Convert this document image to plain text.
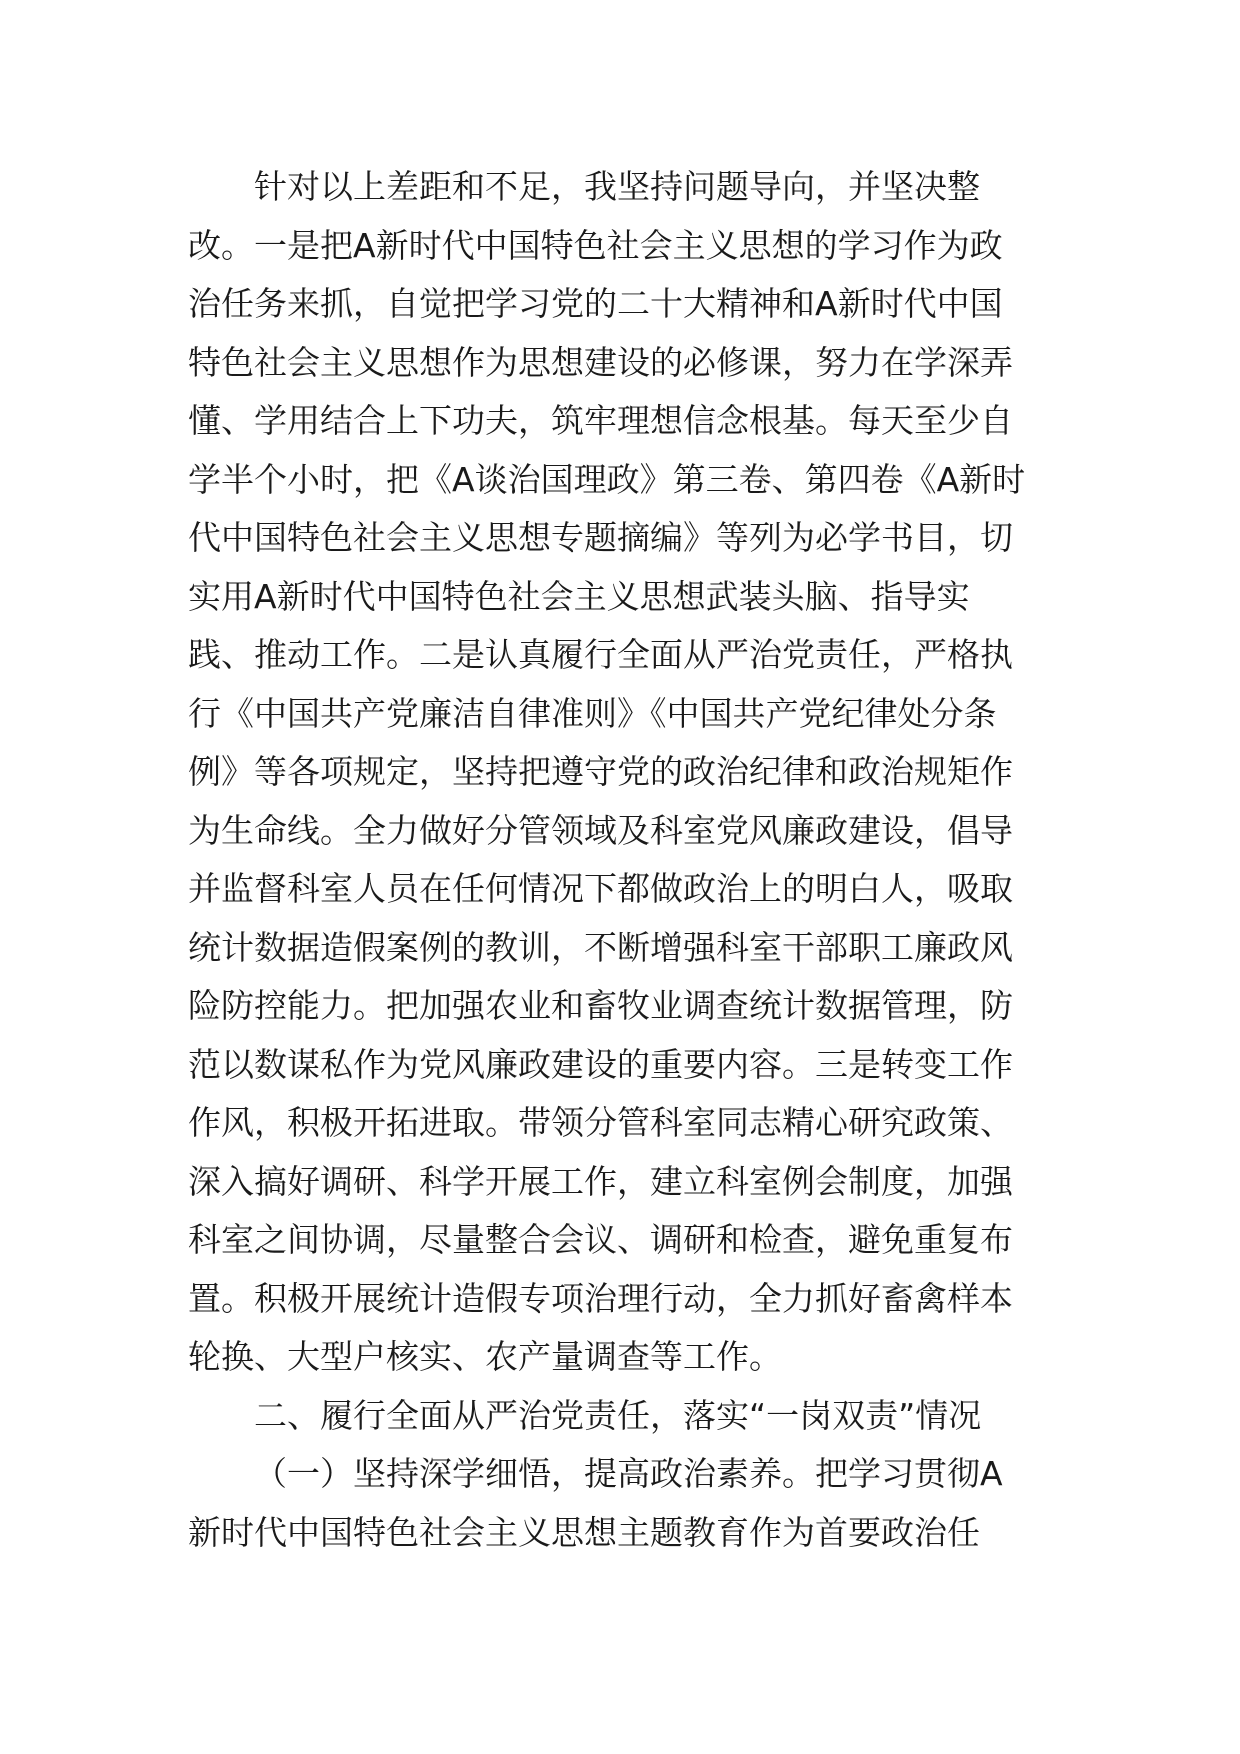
针对以上差距和不足，我坚持问题导向，并坚决整
改。一是把A新时代中国特色社会主义思想的学习作为政
治任务来抓，自觉把学习党的二十大精神和A新时代中国
特色社会主义思想作为思想建设的必修课，努力在学深弄
懂、学用结合上下功夫，筑牢理想信念根基。每天至少自
学半个小时，把《A谈治国理政》第三卷、第四卷《A新时
代中国特色社会主义思想专题摘编》等列为必学书目，切
实用A新时代中国特色社会主义思想武装头脑、指导实
践、推动工作。二是认真履行全面从严治党责任，严格执
行《中国共产党廉洁自律准则》《中国共产党纪律处分条
例》等各项规定，坚持把遵守党的政治纪律和政治规矩作
为生命线。全力做好分管领域及科室党风廉政建设，倡导
并监督科室人员在任何情况下都做政治上的明白人，吸取
统计数据造假案例的教训，不断增强科室干部职工廉政风
险防控能力。把加强农业和畜牧业调查统计数据管理，防
范以数谋私作为党风廉政建设的重要内容。三是转变工作
作风，积极开拓进取。带领分管科室同志精心研究政策、
深入搞好调研、科学开展工作，建立科室例会制度，加强
科室之间协调，尽量整合会议、调研和检查，避免重复布
置。积极开展统计造假专项治理行动，全力抓好畜禽样本
轮换、大型户核实、农产量调查等工作。
二、履行全面从严治党责任，落实“一岗双责”情况
（一）坚持深学细悟，提高政治素养。把学习贯彻A
新时代中国特色社会主义思想主题教育作为首要政治任
